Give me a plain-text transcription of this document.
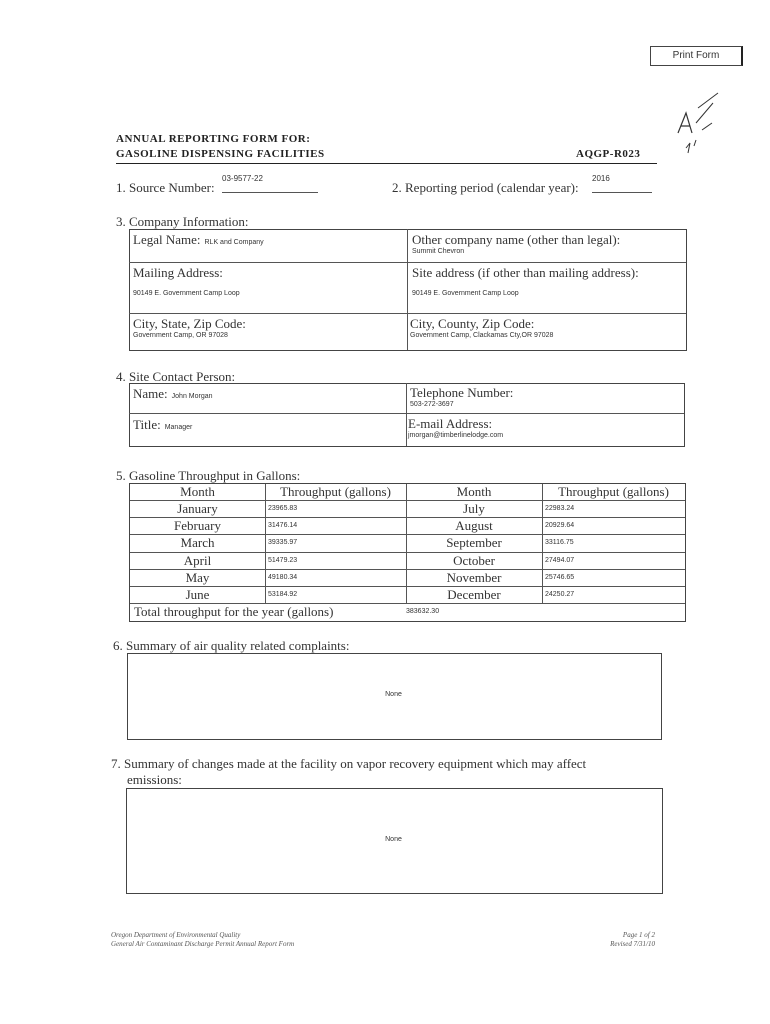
Print Form
ANNUAL REPORTING FORM FOR:
GASOLINE DISPENSING FACILITIES	AQGP-R023
1. Source Number:
03-9577-22
2. Reporting period (calendar year):
2016
3. Company Information:
Legal Name: RLK and Company	Other company name (other than legal):
Summit Chevron
Mailing Address:
90149 E. Government Camp Loop
Site address (if other than mailing address):
90149 E. Government Camp Loop
City, State, Zip Code:
Government Camp, OR 97028
City, County, Zip Code:
Government Camp, Clackamas Cty,OR 97028
4. Site Contact Person:
Name: John Morgan	Telephone Number:
503-272-3697
Title: Manager	E-mail Address:
jmorgan@timberlinelodge.com
5. Gasoline Throughput in Gallons:
Month	Throughput (gallons)	Month	Throughput (gallons)
January	23965.83	July	22983.24
February	31476.14	August	20929.64
March	39335.97	September	33116.75
April	51479.23	October	27494.07
May	49180.34	November	25746.65
June	53184.92	December	24250.27
Total throughput for the year (gallons)	383632.30
6. Summary of air quality related complaints:
None
7. Summary of changes made at the facility on vapor recovery equipment which may affect
emissions:
None
Oregon Department of Environmental Quality
General Air Contaminant Discharge Permit Annual Report Form
Page 1 of 2
Revised 7/31/10
